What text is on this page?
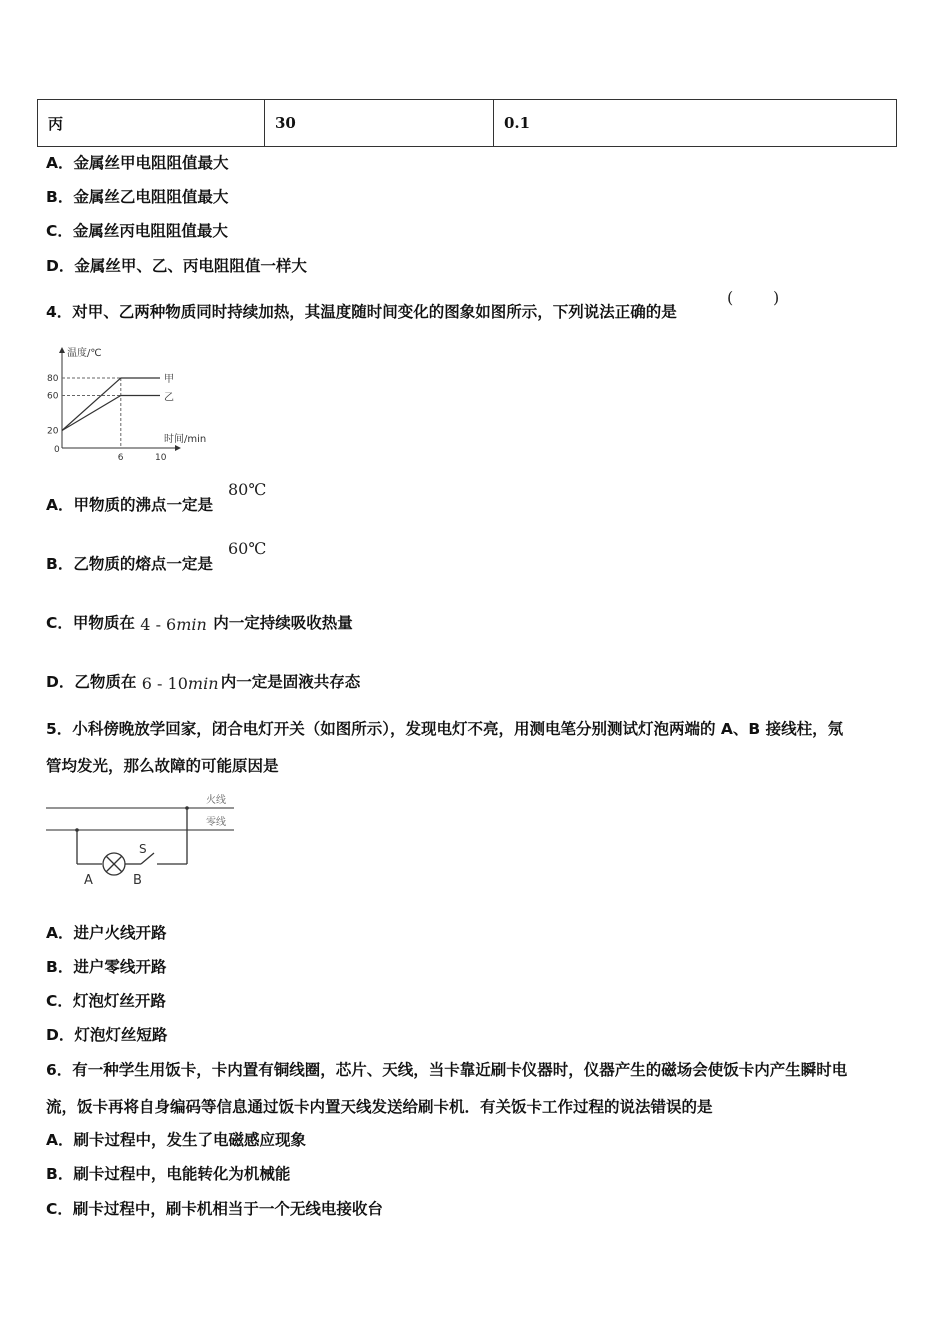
丙	30	0.1
A．金属丝甲电阻阻值最大
B．金属丝乙电阻阻值最大
C．金属丝丙电阻阻值最大
D．金属丝甲、乙、丙电阻阻值一样大
4．对甲、乙两种物质同时持续加热，其温度随时间变化的图象如图所示，下列说法正确的是
( )
温度/℃
时间/min
0
20
60
80
6	10
甲
乙
A．甲物质的沸点一定是
80℃
B．乙物质的熔点一定是
60℃
C．甲物质在 4 - 6min 内一定持续吸收热量
D．乙物质在 6 - 10min 内一定是固液共存态
5．小科傍晚放学回家，闭合电灯开关（如图所示），发现电灯不亮，用测电笔分别测试灯泡两端的 A、B 接线柱，氖
管均发光，那么故障的可能原因是
火线
零线
A	B
S
A．进户火线开路
B．进户零线开路
C．灯泡灯丝开路
D．灯泡灯丝短路
6．有一种学生用饭卡，卡内置有铜线圈，芯片、天线，当卡靠近刷卡仪器时，仪器产生的磁场会使饭卡内产生瞬时电
流，饭卡再将自身编码等信息通过饭卡内置天线发送给刷卡机．有关饭卡工作过程的说法错误的是
A．刷卡过程中，发生了电磁感应现象
B．刷卡过程中，电能转化为机械能
C．刷卡过程中，刷卡机相当于一个无线电接收台
